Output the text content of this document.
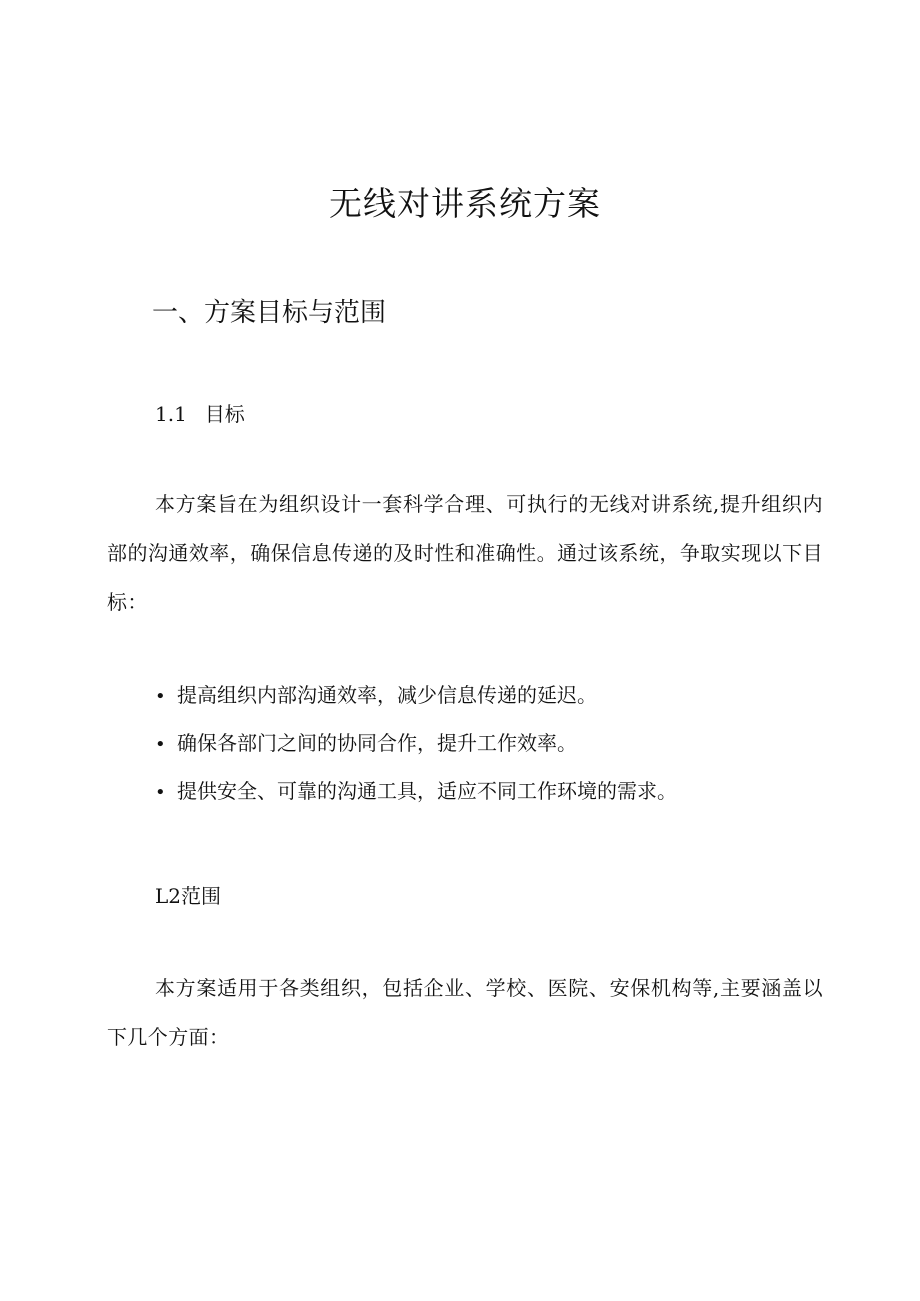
无线对讲系统方案
一、方案目标与范围
1.1 目标

本方案旨在为组织设计一套科学合理、可执行的无线对讲系统,提升组织内部的沟通效率，确保信息传递的及时性和准确性。通过该系统，争取实现以下目标：

• 提高组织内部沟通效率，减少信息传递的延迟。
• 确保各部门之间的协同合作，提升工作效率。
• 提供安全、可靠的沟通工具，适应不同工作环境的需求。
L2范围

本方案适用于各类组织，包括企业、学校、医院、安保机构等,主要涵盖以下几个方面：
